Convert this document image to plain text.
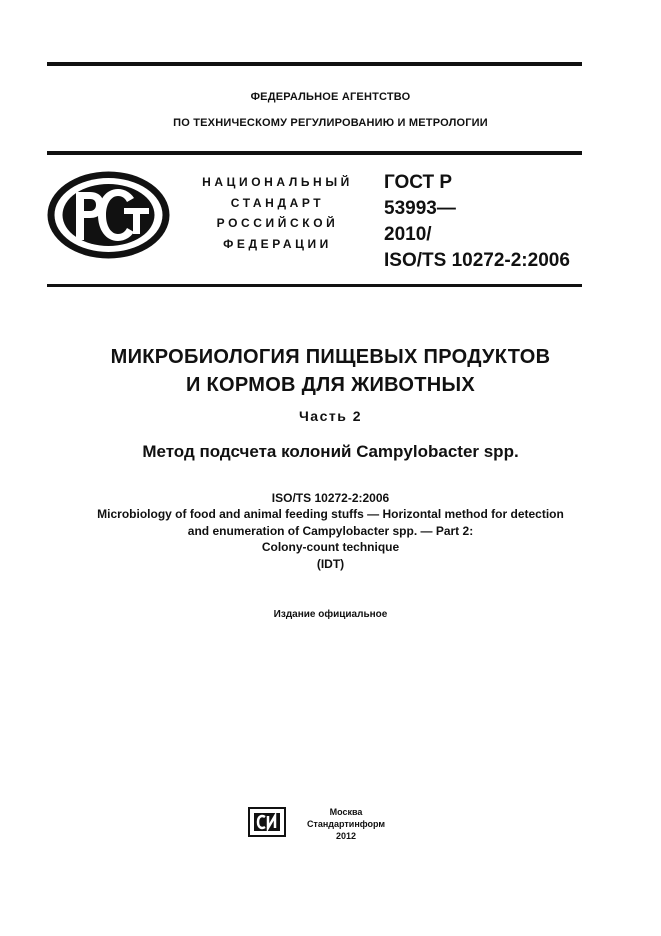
ФЕДЕРАЛЬНОЕ АГЕНТСТВО
ПО ТЕХНИЧЕСКОМУ РЕГУЛИРОВАНИЮ И МЕТРОЛОГИИ
НАЦИОНАЛЬНЫЙ
СТАНДАРТ
РОССИЙСКОЙ
ФЕДЕРАЦИИ
ГОСТ Р
53993—
2010/
ISO/TS 10272-2:2006
МИКРОБИОЛОГИЯ ПИЩЕВЫХ ПРОДУКТОВ
И КОРМОВ ДЛЯ ЖИВОТНЫХ
Часть 2
Метод подсчета колоний Campylobacter spp.
ISO/TS 10272-2:2006
Microbiology of food and animal feeding stuffs — Horizontal method for detection
and enumeration of Campylobacter spp. — Part 2:
Colony-count technique
(IDT)
Издание официальное
Москва
Стандартинформ
2012
